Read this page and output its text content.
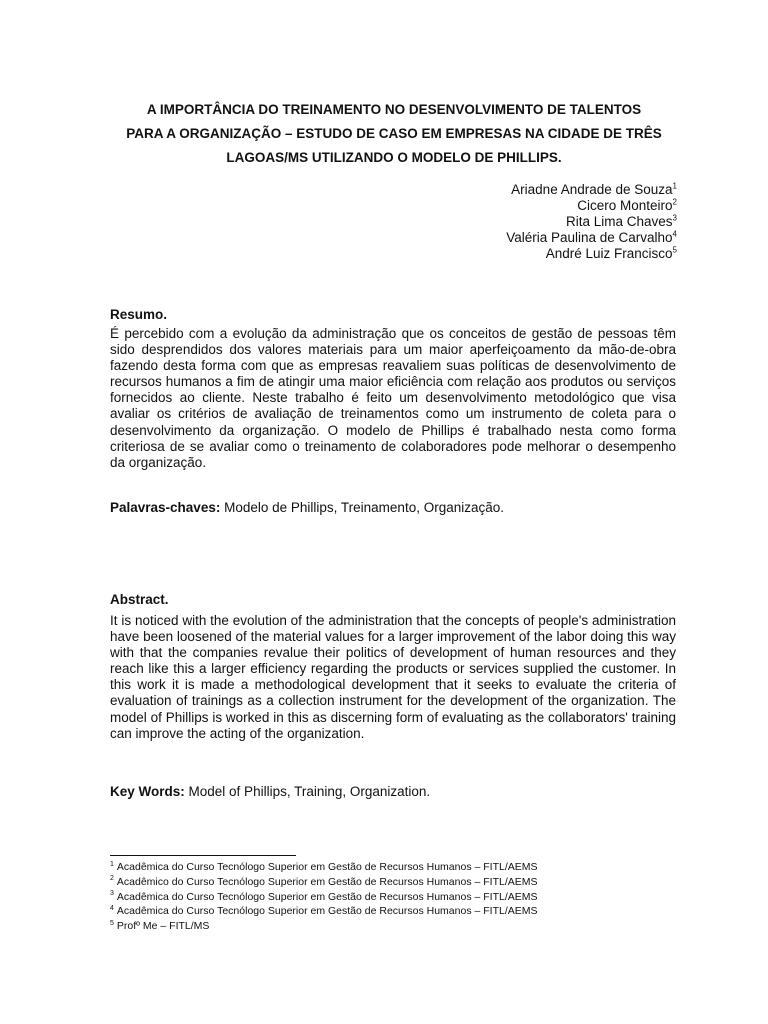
A IMPORTÂNCIA DO TREINAMENTO NO DESENVOLVIMENTO DE TALENTOS
PARA A ORGANIZAÇÃO – ESTUDO DE CASO EM EMPRESAS NA CIDADE DE TRÊS
LAGOAS/MS UTILIZANDO O MODELO DE PHILLIPS.
Ariadne Andrade de Souza$^1$
Cicero Monteiro$^2$
Rita Lima Chaves$^3$
Valéria Paulina de Carvalho$^4$
André Luiz Francisco$^5$
Resumo.
É percebido com a evolução da administração que os conceitos de gestão de pessoas têm sido desprendidos dos valores materiais para um maior aperfeiçoamento da mão-de-obra fazendo desta forma com que as empresas reavaliem suas políticas de desenvolvimento de recursos humanos a fim de atingir uma maior eficiência com relação aos produtos ou serviços fornecidos ao cliente. Neste trabalho é feito um desenvolvimento metodológico que visa avaliar os critérios de avaliação de treinamentos como um instrumento de coleta para o desenvolvimento da organização. O modelo de Phillips é trabalhado nesta como forma criteriosa de se avaliar como o treinamento de colaboradores pode melhorar o desempenho da organização.
Palavras-chaves: Modelo de Phillips, Treinamento, Organização.
Abstract.
It is noticed with the evolution of the administration that the concepts of people's administration have been loosened of the material values for a larger improvement of the labor doing this way with that the companies revalue their politics of development of human resources and they reach like this a larger efficiency regarding the products or services supplied the customer. In this work it is made a methodological development that it seeks to evaluate the criteria of evaluation of trainings as a collection instrument for the development of the organization. The model of Phillips is worked in this as discerning form of evaluating as the collaborators' training can improve the acting of the organization.
Key Words: Model of Phillips, Training, Organization.
$^1$ Acadêmica do Curso Tecnólogo Superior em Gestão de Recursos Humanos – FITL/AEMS
$^2$ Acadêmico do Curso Tecnólogo Superior em Gestão de Recursos Humanos – FITL/AEMS
$^3$ Acadêmica do Curso Tecnólogo Superior em Gestão de Recursos Humanos – FITL/AEMS
$^4$ Acadêmica do Curso Tecnólogo Superior em Gestão de Recursos Humanos – FITL/AEMS
$^5$ Profº Me – FITL/MS
